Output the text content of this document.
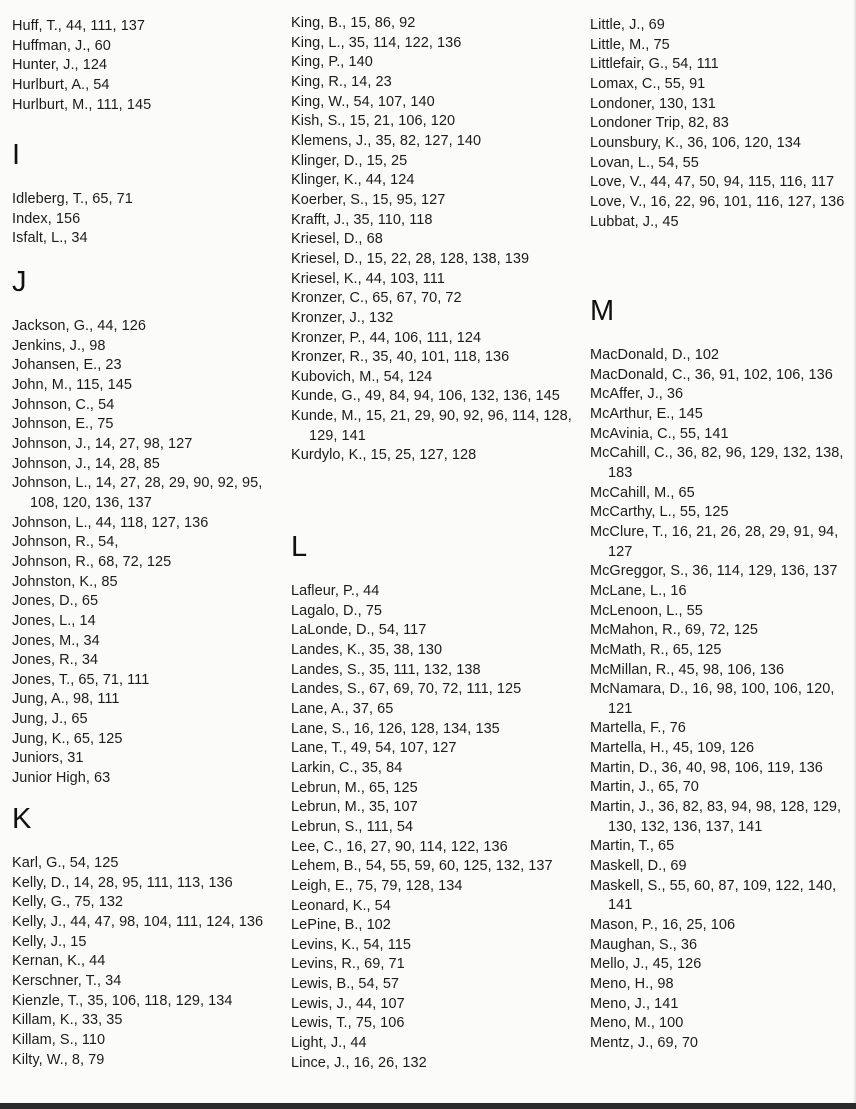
Huff, T., 44, 111, 137
Huffman, J., 60
Hunter, J., 124
Hurlburt, A., 54
Hurlburt, M., 111, 145
I
Idleberg, T., 65, 71
Index, 156
Isfalt, L., 34
J
Jackson, G., 44, 126
Jenkins, J., 98
Johansen, E., 23
John, M., 115, 145
Johnson, C., 54
Johnson, E., 75
Johnson, J., 14, 27, 98, 127
Johnson, J., 14, 28, 85
Johnson, L., 14, 27, 28, 29, 90, 92, 95, 108, 120, 136, 137
Johnson, L., 44, 118, 127, 136
Johnson, R., 54,
Johnson, R., 68, 72, 125
Johnston, K., 85
Jones, D., 65
Jones, L., 14
Jones, M., 34
Jones, R., 34
Jones, T., 65, 71, 111
Jung, A., 98, 111
Jung, J., 65
Jung, K., 65, 125
Juniors, 31
Junior High, 63
K
Karl, G., 54, 125
Kelly, D., 14, 28, 95, 111, 113, 136
Kelly, G., 75, 132
Kelly, J., 44, 47, 98, 104, 111, 124, 136
Kelly, J., 15
Kernan, K., 44
Kerschner, T., 34
Kienzle, T., 35, 106, 118, 129, 134
Killam, K., 33, 35
Killam, S., 110
Kilty, W., 8, 79
King, B., 15, 86, 92
King, L., 35, 114, 122, 136
King, P., 140
King, R., 14, 23
King, W., 54, 107, 140
Kish, S., 15, 21, 106, 120
Klemens, J., 35, 82, 127, 140
Klinger, D., 15, 25
Klinger, K., 44, 124
Koerber, S., 15, 95, 127
Krafft, J., 35, 110, 118
Kriesel, D., 68
Kriesel, D., 15, 22, 28, 128, 138, 139
Kriesel, K., 44, 103, 111
Kronzer, C., 65, 67, 70, 72
Kronzer, J., 132
Kronzer, P., 44, 106, 111, 124
Kronzer, R., 35, 40, 101, 118, 136
Kubovich, M., 54, 124
Kunde, G., 49, 84, 94, 106, 132, 136, 145
Kunde, M., 15, 21, 29, 90, 92, 96, 114, 128, 129, 141
Kurdylo, K., 15, 25, 127, 128
L
Lafleur, P., 44
Lagalo, D., 75
LaLonde, D., 54, 117
Landes, K., 35, 38, 130
Landes, S., 35, 111, 132, 138
Landes, S., 67, 69, 70, 72, 111, 125
Lane, A., 37, 65
Lane, S., 16, 126, 128, 134, 135
Lane, T., 49, 54, 107, 127
Larkin, C., 35, 84
Lebrun, M., 65, 125
Lebrun, M., 35, 107
Lebrun, S., 111, 54
Lee, C., 16, 27, 90, 114, 122, 136
Lehem, B., 54, 55, 59, 60, 125, 132, 137
Leigh, E., 75, 79, 128, 134
Leonard, K., 54
LePine, B., 102
Levins, K., 54, 115
Levins, R., 69, 71
Lewis, B., 54, 57
Lewis, J., 44, 107
Lewis, T., 75, 106
Light, J., 44
Lince, J., 16, 26, 132
Little, J., 69
Little, M., 75
Littlefair, G., 54, 111
Lomax, C., 55, 91
Londoner, 130, 131
Londoner Trip, 82, 83
Lounsbury, K., 36, 106, 120, 134
Lovan, L., 54, 55
Love, V., 44, 47, 50, 94, 115, 116, 117
Love, V., 16, 22, 96, 101, 116, 127, 136
Lubbat, J., 45
M
MacDonald, D., 102
MacDonald, C., 36, 91, 102, 106, 136
McAffer, J., 36
McArthur, E., 145
McAvinia, C., 55, 141
McCahill, C., 36, 82, 96, 129, 132, 138, 183
McCahill, M., 65
McCarthy, L., 55, 125
McClure, T., 16, 21, 26, 28, 29, 91, 94, 127
McGreggor, S., 36, 114, 129, 136, 137
McLane, L., 16
McLenoon, L., 55
McMahon, R., 69, 72, 125
McMath, R., 65, 125
McMillan, R., 45, 98, 106, 136
McNamara, D., 16, 98, 100, 106, 120, 121
Martella, F., 76
Martella, H., 45, 109, 126
Martin, D., 36, 40, 98, 106, 119, 136
Martin, J., 65, 70
Martin, J., 36, 82, 83, 94, 98, 128, 129, 130, 132, 136, 137, 141
Martin, T., 65
Maskell, D., 69
Maskell, S., 55, 60, 87, 109, 122, 140, 141
Mason, P., 16, 25, 106
Maughan, S., 36
Mello, J., 45, 126
Meno, H., 98
Meno, J., 141
Meno, M., 100
Mentz, J., 69, 70
